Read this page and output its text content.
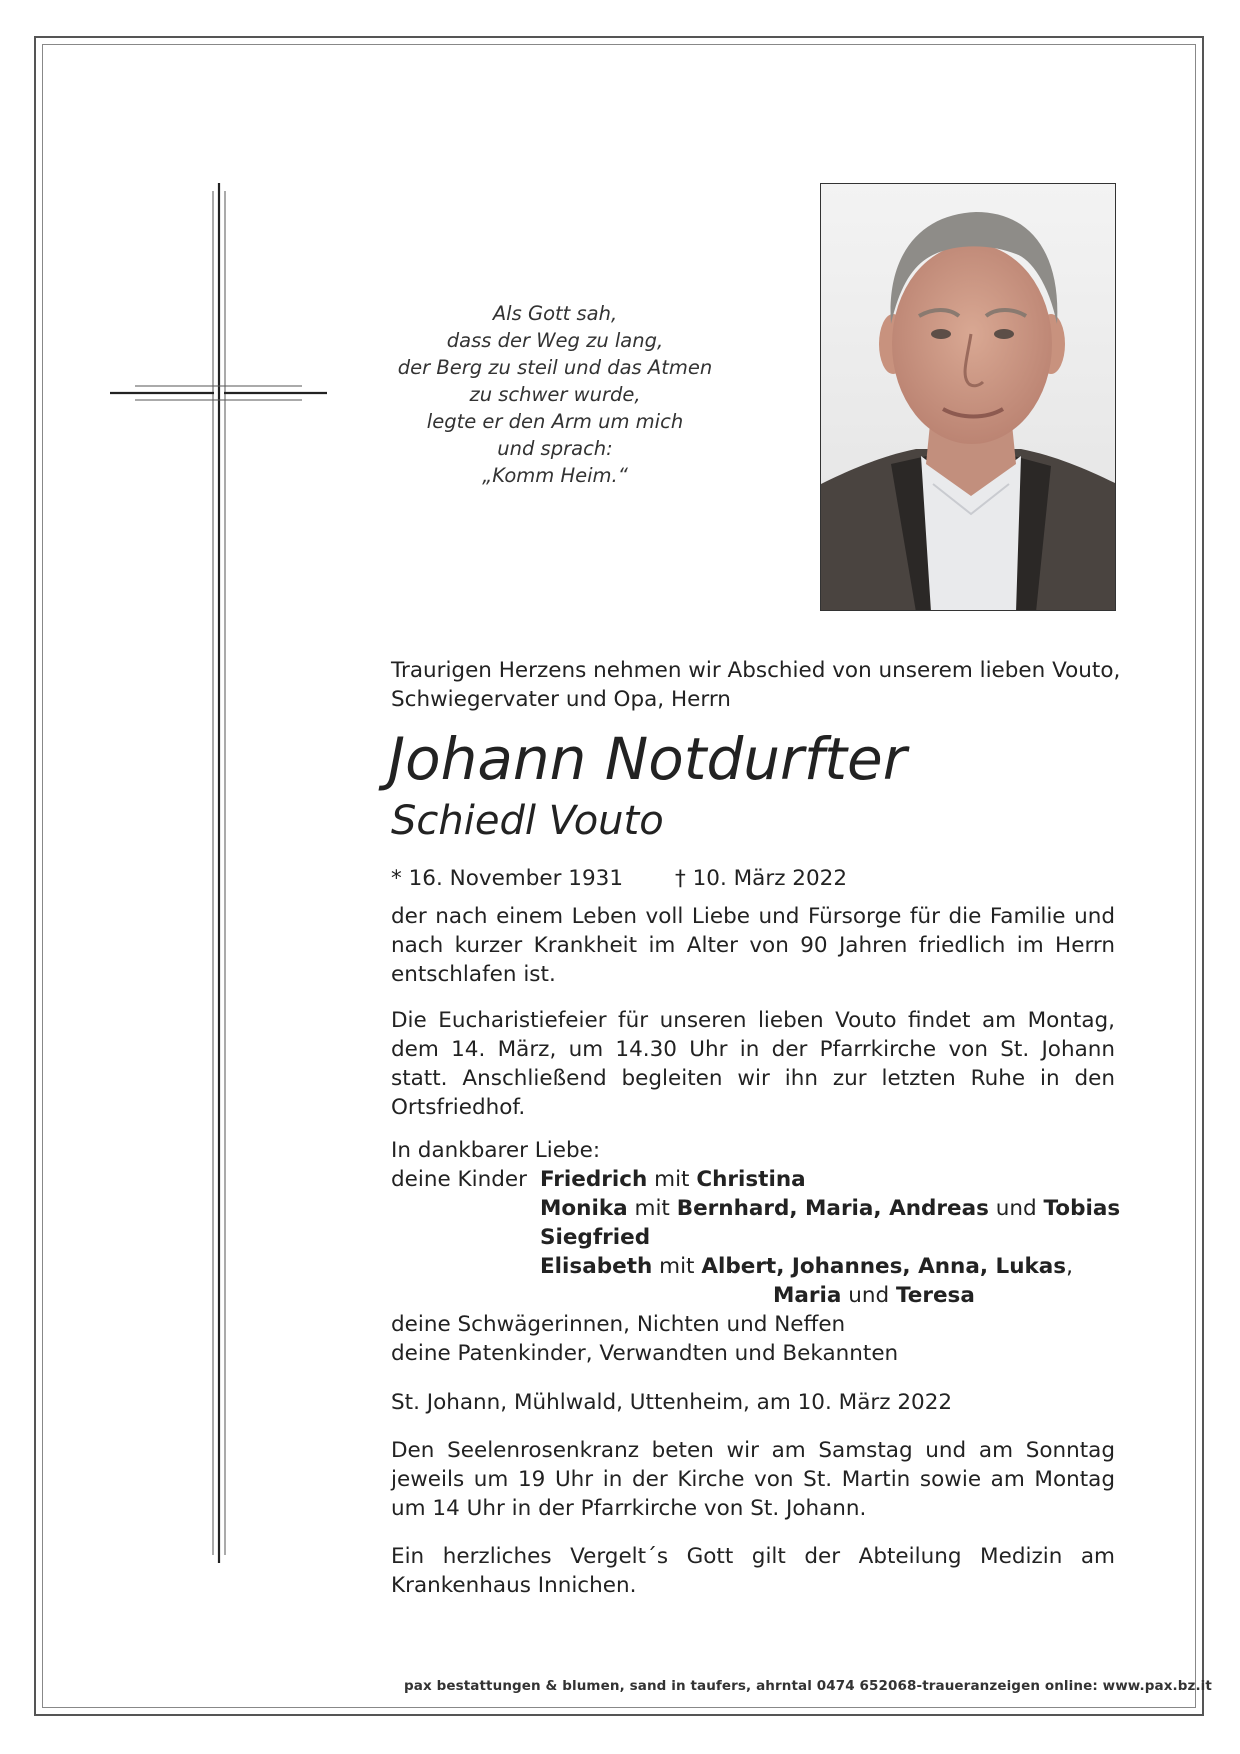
Als Gott sah,
dass der Weg zu lang,
der Berg zu steil und das Atmen
zu schwer wurde,
legte er den Arm um mich
und sprach:
„Komm Heim.“
Traurigen Herzens nehmen wir Abschied von unserem lieben Vouto,
Schwiegervater und Opa, Herrn
Johann Notdurfter
Schiedl Vouto
* 16. November 1931 † 10. März 2022

der nach einem Leben voll Liebe und Fürsorge für die Familie und nach kurzer Krankheit im Alter von 90 Jahren friedlich im Herrn entschlafen ist.

Die Eucharistiefeier für unseren lieben Vouto findet am Montag, dem 14. März, um 14.30 Uhr in der Pfarrkirche von St. Johann statt. Anschließend begleiten wir ihn zur letzten Ruhe in den Ortsfriedhof.

In dankbarer Liebe:
deine Kinder Friedrich mit Christina
Monika mit Bernhard, Maria, Andreas und Tobias
Siegfried
Elisabeth mit Albert, Johannes, Anna, Lukas,
Maria und Teresa
deine Schwägerinnen, Nichten und Neffen
deine Patenkinder, Verwandten und Bekannten
St. Johann, Mühlwald, Uttenheim, am 10. März 2022

Den Seelenrosenkranz beten wir am Samstag und am Sonntag jeweils um 19 Uhr in der Kirche von St. Martin sowie am Montag um 14 Uhr in der Pfarrkirche von St. Johann.

Ein herzliches Vergelt´s Gott gilt der Abteilung Medizin am Krankenhaus Innichen.

pax bestattungen & blumen, sand in taufers, ahrntal 0474 652068-traueranzeigen online: www.pax.bz.it
